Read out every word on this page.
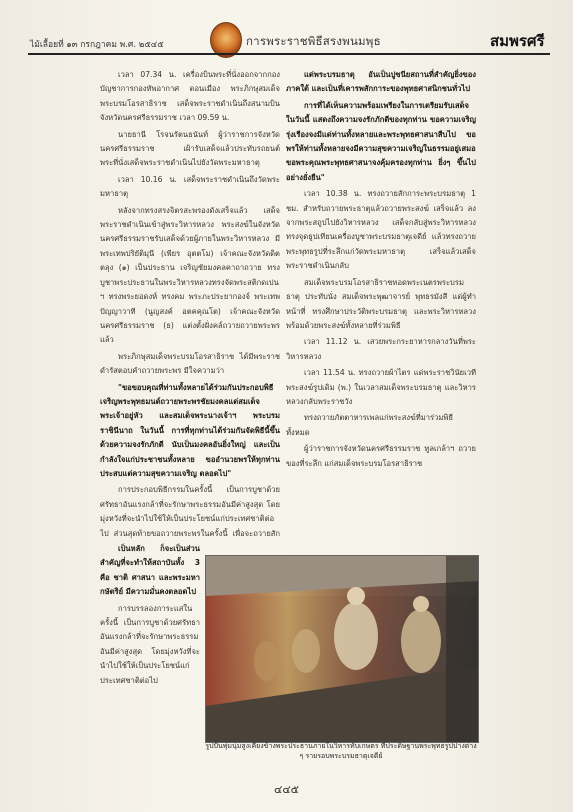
ไม้เลื้อยที่ ๑๓ กรกฎาคม พ.ศ. ๒๕๔๕	การพระราชพิธีสรงพนมพุธ	สมพรศรี

เวลา 07.34 น. เครื่องบินพระที่นั่งออกจากกองบัญชาการกองทัพอากาศ ดอนเมือง พระภิกษุสมเด็จพระบรมโอรสาธิราช เสด็จพระราชดำเนินถึงสนามบินจังหวัดนครศรีธรรมราช เวลา 09.59 น.

นายธานี โรจนรัตนธนันท์ ผู้ว่าราชการจังหวัดนครศรีธรรมราช เฝ้ารับเสด็จแล้วประทับรถยนต์พระที่นั่งเสด็จพระราชดำเนินไปยังวัดพระมหาธาตุ

เวลา 10.16 น. เสด็จพระราชดำเนินถึงวัดพระมหาธาตุ

หลังจากทรงสรงจิตรสะพรองดังเสร็จแล้ว เสด็จพระราชดำเนินเข้าสู่พระวิหารหลวง พระสงฆ์ในจังหวัดนครศรีธรรมราชรับเสด็จด้วยผู้ภายในพระวิหารหลวง มีพระเทพปริยัติมุนี (เพียร อุตตโม) เจ้าคณะจังหวัดดิตตลุง (๑) เป็นประธาน เจริญชัยมงคลคาถาถวาย ทรงบูชาพระประธานในพระวิหารหลวงทรงจัดพระสติกดเปน ฯ ทรงพระยอดงห์ ทรงคม พระภะประยากองจ์ พระเทพปัญญาวาที (นูญสงค์ อตคคุณโต) เจ้าคณะจังหวัดนครศรีธรรมราช (ธ) แต่งตั้งฝั่งคล์ถวายถวายพระพรแล้ว

พระภิกษุสมเด็จพระบรมโอรสาธิราช ได้มีพระราชดำรัสตอบคำถวายพระพร มีใจความว่า

"ขอขอบคุณที่ท่านทั้งหลายได้ร่วมกันประกอบพิธีเจริญพระพุทธมนต์ถวายพระพรชัยมงคลแด่สมเด็จพระเจ้าอยู่หัว และสมเด็จพระนางเจ้าฯ พระบรมราชินีนาถ ในวันนี้ การที่ทุกท่านได้ร่วมกันจัดพิธีนี้ขึ้นด้วยความจงรักภักดี นับเป็นมงคลอันยิ่งใหญ่ และเป็นกำลังใจแก่ประชาชนทั้งหลาย ขออำนวยพรให้ทุกท่านประสบแต่ความสุขความเจริญ ตลอดไป"

การประกอบพิธีกรรมในครั้งนี้ เป็นการบูชาด้วยศรัทธาอันแรงกล้าที่จะรักษาพระธรรมอันมีค่าสูงสุด โดยมุ่งหวังที่จะนำไปใช้ให้เป็นประโยชน์แก่ประเทศชาติต่อไป ส่วนสุดท้ายขอถวายพระพรในครั้งนี้ เพื่อจะถวายสัก

เป็นหลัก ก็จะเป็นส่วนสำคัญที่จะทำให้สถาบันทั้ง 3 คือ ชาติ ศาสนา และพระมหากษัตริย์ มีความมั่นคงตลอดไป

การบรรลองการะแสในครั้งนี้ เป็นการบูชาด้วยศรัทธาอันแรงกล้าที่จะรักษาพระธรรมอันมีค่าสูงสุด โดยมุ่งหวังที่จะนำไปใช้ให้เป็นประโยชน์แก่ประเทศชาติต่อไป

แด่พระบรมธาตุ อันเป็นปูชนียสถานที่สำคัญยิ่งของภาคใต้ และเป็นที่เคารพสักการะของพุทธศาสนิกชนทั่วไป

การที่ได้เห็นความพร้อมเพรียงในการเตรียมรับเสด็จในวันนี้ แสดงถึงความจงรักภักดีของทุกท่าน ขอความเจริญรุ่งเรืองจงมีแด่ท่านทั้งหลายและพระพุทธศาสนาสืบไป ขอพรให้ท่านทั้งหลายจงมีความสุขความเจริญในธรรมอยู่เสมอ ขอพระคุณพระพุทธศาสนาจงคุ้มครองทุกท่าน ยิ่งๆ ขึ้นไปอย่างยั่งยืน"

เวลา 10.38 น. ทรงถวายสักการะพระบรมธาตุ 1 ชม. สำหรับถวายพระธาตุแล้วถวายพระสงฆ์ เสร็จแล้ว ลงจากพระสถูปไปยังวิหารหลวง เสด็จกลับสู่พระวิหารหลวง ทรงจุดธูปเทียนเครื่องบูชาพระบรมธาตุเจดีย์ แล้วทรงถวายพระพุทธรูปที่ระลึกแก่วัดพระมหาธาตุ เสร็จแล้วเสด็จพระราชดำเนินกลับ

สมเด็จพระบรมโอรสาธิราชทอดพระเนตรพระบรมธาตุ ประทับนั่ง สมเด็จพระพุฒาจารย์ พุทธรมังสี แด่ผู้ทำหน้าที่ ทรงศึกษาประวัติพระบรมธาตุ และพระวิหารหลวง พร้อมด้วยพระสงฆ์ทั้งหลายที่ร่วมพิธี

เวลา 11.12 น. เสวยพระกระยาหารกลางวันที่พระวิหารหลวง

เวลา 11.54 น. ทรงถวายผ้าไตร แด่พระราชวินัยเวที พระสงฆ์รูปเดิม (พ.) ในเวลาสมเด็จพระบรมธาตุ และวิหารหลวงกลับพระราชวัง

ทรงถวายภัตตาหารเพลแก่พระสงฆ์ที่มาร่วมพิธีทั้งหมด

ผู้ว่าราชการจังหวัดนครศรีธรรมราช ทูลเกล้าฯ ถวายของที่ระลึก แก่สมเด็จพระบรมโอรสาธิราช

รูปปั้นพุ่มนุ่มสูงเคียงข้างพระประธานภายในวิหารทับเกษตร ที่ประดิษฐานพระพุทธรูปปางต่าง ๆ รายรอบพระบรมธาตุเจดีย์
๔๔๕
